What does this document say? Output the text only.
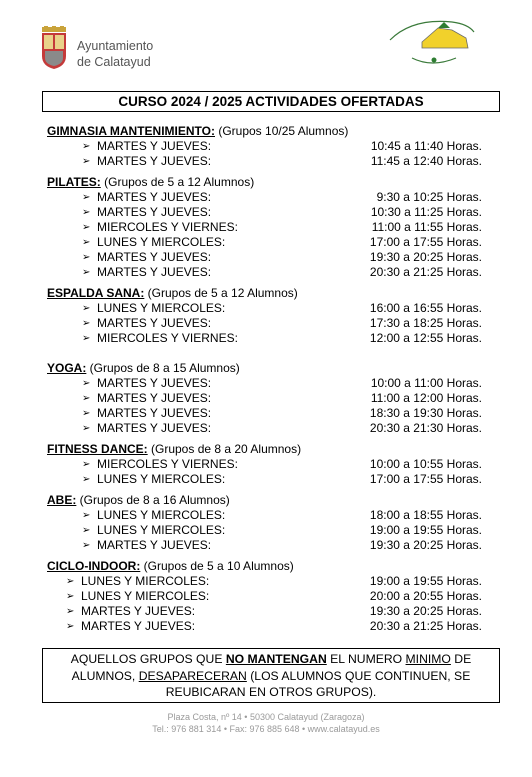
Ayuntamiento
de Calatayud
CURSO 2024 / 2025 ACTIVIDADES OFERTADAS
GIMNASIA MANTENIMIENTO: (Grupos 10/25 Alumnos)
➢ MARTES Y JUEVES:	10:45 a 11:40 Horas.
➢ MARTES Y JUEVES:	11:45 a 12:40 Horas.
PILATES: (Grupos de 5 a 12 Alumnos)
➢ MARTES Y JUEVES:	9:30 a 10:25 Horas.
➢ MARTES Y JUEVES:	10:30 a 11:25 Horas.
➢ MIERCOLES Y VIERNES:	11:00 a 11:55 Horas.
➢ LUNES Y MIERCOLES:	17:00 a 17:55 Horas.
➢ MARTES Y JUEVES:	19:30 a 20:25 Horas.
➢ MARTES Y JUEVES:	20:30 a 21:25 Horas.
ESPALDA SANA: (Grupos de 5 a 12 Alumnos)
➢ LUNES Y MIERCOLES:	16:00 a 16:55 Horas.
➢ MARTES Y JUEVES:	17:30 a 18:25 Horas.
➢ MIERCOLES Y VIERNES:	12:00 a 12:55 Horas.
YOGA: (Grupos de 8 a 15 Alumnos)
➢ MARTES Y JUEVES:	10:00 a 11:00 Horas.
➢ MARTES Y JUEVES:	11:00 a 12:00 Horas.
➢ MARTES Y JUEVES:	18:30 a 19:30 Horas.
➢ MARTES Y JUEVES:	20:30 a 21:30 Horas.
FITNESS DANCE: (Grupos de 8 a 20 Alumnos)
➢ MIERCOLES Y VIERNES:	10:00 a 10:55 Horas.
➢ LUNES Y MIERCOLES:	17:00 a 17:55 Horas.
ABE: (Grupos de 8 a 16 Alumnos)
➢ LUNES Y MIERCOLES:	18:00 a 18:55 Horas.
➢ LUNES Y MIERCOLES:	19:00 a 19:55 Horas.
➢ MARTES Y JUEVES:	19:30 a 20:25 Horas.
CICLO-INDOOR: (Grupos de 5 a 10 Alumnos)
➢ LUNES Y MIERCOLES:	19:00 a 19:55 Horas.
➢ LUNES Y MIERCOLES:	20:00 a 20:55 Horas.
➢ MARTES Y JUEVES:	19:30 a 20:25 Horas.
➢ MARTES Y JUEVES:	20:30 a 21:25 Horas.
AQUELLOS GRUPOS QUE NO MANTENGAN EL NUMERO MINIMO DE
ALUMNOS, DESAPARECERAN (LOS ALUMNOS QUE CONTINUEN, SE
REUBICARAN EN OTROS GRUPOS).
Plaza Costa, nº 14 • 50300 Calatayud (Zaragoza)
Tel.: 976 881 314 • Fax: 976 885 648 • www.calatayud.es
